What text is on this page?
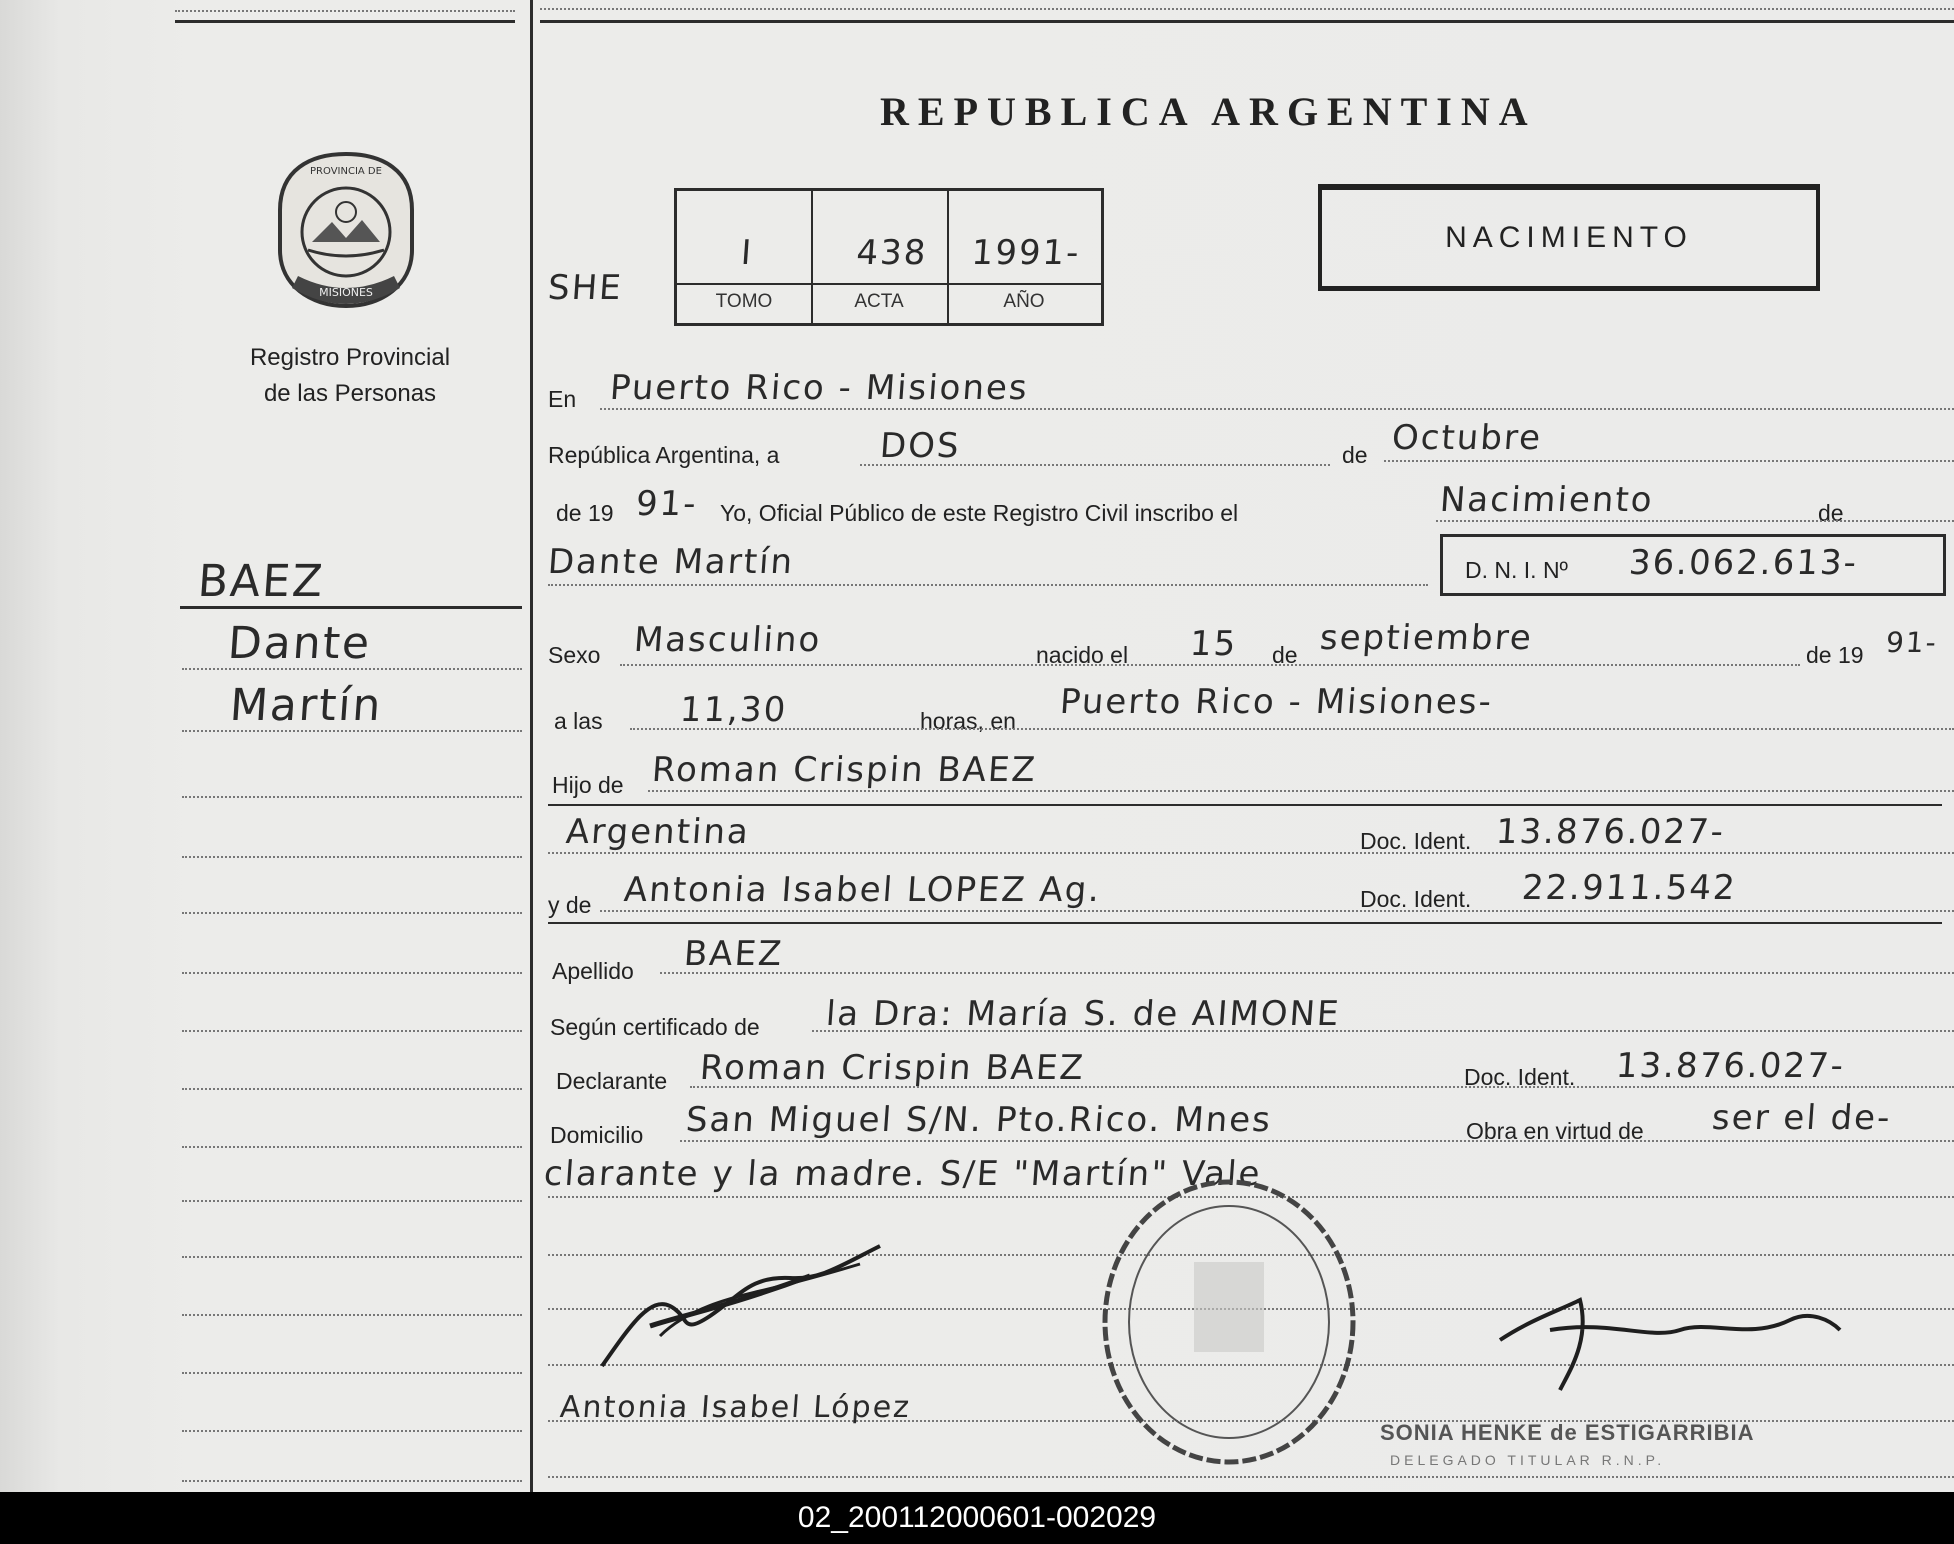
MISIONES
PROVINCIA DE
Registro Provincial
de las Personas
REPUBLICA ARGENTINA
SHE
I	438	1991-
TOMO	ACTA	AÑO
NACIMIENTO
BAEZ
Dante
Martín
En Puerto Rico - Misiones
República Argentina, a	DOS	de Octubre
de 19 91- Yo, Oficial Público de este Registro Civil inscribo el	Nacimiento	de
Dante Martín	D. N. I. Nº 36.062.613-
Sexo Masculino	nacido el 15 de septiembre	de 19 91-
a las 11,30	horas, en Puerto Rico - Misiones-
Hijo de Roman Crispin BAEZ
Argentina	Doc. Ident. 13.876.027-
y de Antonia Isabel LOPEZ Ag.	Doc. Ident. 22.911.542
Apellido BAEZ
Según certificado de la Dra: María S. de AIMONE
Declarante Roman Crispin BAEZ	Doc. Ident. 13.876.027-
Domicilio San Miguel S/N. Pto.Rico. Mnes	Obra en virtud de ser el de-
clarante y la madre. S/E "Martín" Vale
Antonia Isabel López
SONIA HENKE de ESTIGARRIBIA
DELEGADO TITULAR R.N.P.
02_200112000601-002029
